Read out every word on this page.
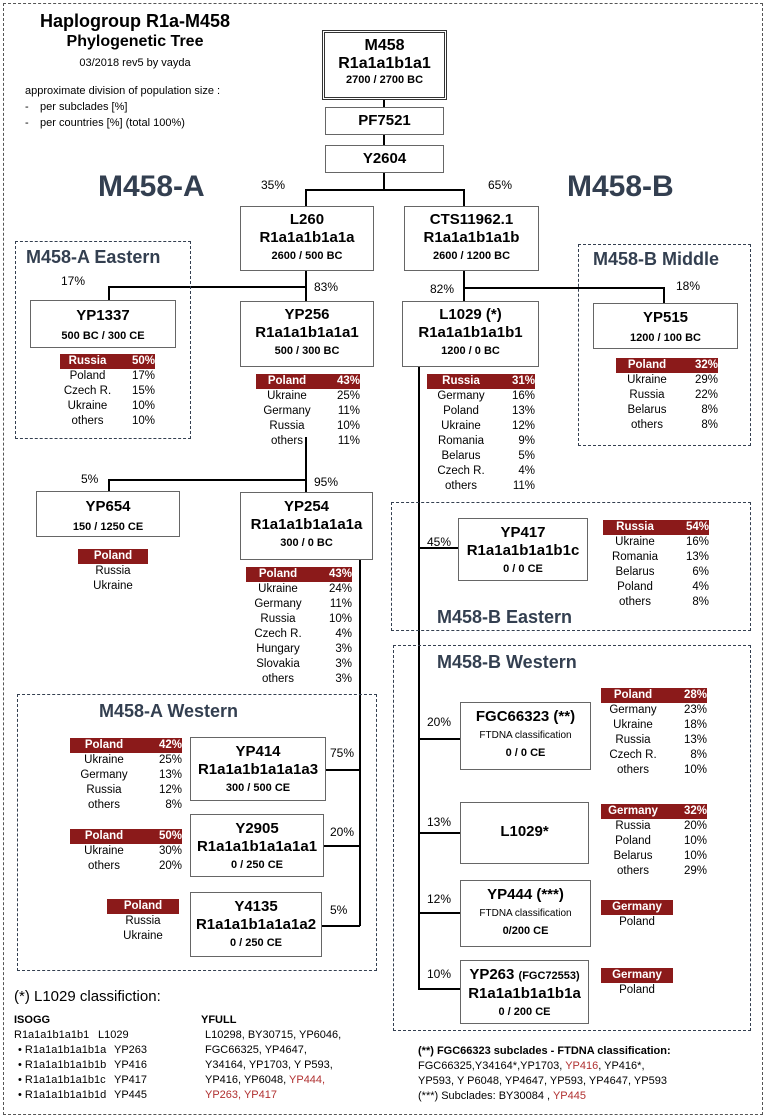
Haplogroup R1a-M458
Phylogenetic Tree
03/2018 rev5 by vayda
approximate division of population size :
- per subclades [%]
- per countries [%] (total 100%)
M458-A	M458-B
35%	65%
17%	83%	82%	18%
5%	95%
45%
75%
20%
5%
20%
13%
12%
10%
M458-A Eastern	M458-B Middle
M458-B Eastern
M458-B Western
M458-A Western
M458
R1a1a1b1a1
2700 / 2700 BC
PF7521
Y2604
L260
R1a1a1b1a1a
2600 / 500 BC
CTS11962.1
R1a1a1b1a1b
2600 / 1200 BC
YP1337
500 BC / 300 CE
YP256
R1a1a1b1a1a1
500 / 300 BC
L1029 (*)
R1a1a1b1a1b1
1200 / 0 BC
YP515
1200 / 100 BC
YP654
150 / 1250 CE
YP254
R1a1a1b1a1a1a
300 / 0 BC
YP417
R1a1a1b1a1b1c
0 / 0 CE
YP414
R1a1a1b1a1a1a3
300 / 500 CE
Y2905
R1a1a1b1a1a1a1
0 / 250 CE
Y4135
R1a1a1b1a1a1a2
0 / 250 CE
FGC66323 (**)
FTDNA classification
0 / 0 CE
L1029*
YP444 (***)
FTDNA classification
0/200 CE
YP263 (FGC72553)
R1a1a1b1a1b1a
0 / 200 CE
Russia	50%
Poland	17%
Czech R.	15%
Ukraine	10%
others	10%
Poland	43%
Ukraine	25%
Germany	11%
Russia	10%
others	11%
Russia	31%
Germany	16%
Poland	13%
Ukraine	12%
Romania	9%
Belarus	5%
Czech R.	4%
others	11%
Poland	32%
Ukraine	29%
Russia	22%
Belarus	8%
others	8%
Poland
Russia
Ukraine
Poland	43%
Ukraine	24%
Germany	11%
Russia	10%
Czech R.	4%
Hungary	3%
Slovakia	3%
others	3%
Russia	54%
Ukraine	16%
Romania	13%
Belarus	6%
Poland	4%
others	8%
Poland	42%
Ukraine	25%
Germany	13%
Russia	12%
others	8%
Poland	50%
Ukraine	30%
others	20%
Poland
Russia
Ukraine
Poland	28%
Germany	23%
Ukraine	18%
Russia	13%
Czech R.	8%
others	10%
Germany	32%
Russia	20%
Poland	10%
Belarus	10%
others	29%
Germany
Poland
Germany
Poland
(*) L1029 classifiction:
ISOGG	YFULL
R1a1a1b1a1b1 L1029
• R1a1a1b1a1b1a YP263
• R1a1a1b1a1b1b YP416
• R1a1a1b1a1b1c YP417
• R1a1a1b1a1b1d YP445
L10298, BY30715, YP6046,
FGC66325, YP4647,
Y34164, YP1703, Y P593,
YP416, YP6048, YP444,
YP263, YP417
(**) FGC66323 subclades - FTDNA classification:
FGC66325,Y34164*,YP1703, YP416, YP416*,
YP593, Y P6048, YP4647, YP593, YP4647, YP593
(***) Subclades: BY30084 , YP445
